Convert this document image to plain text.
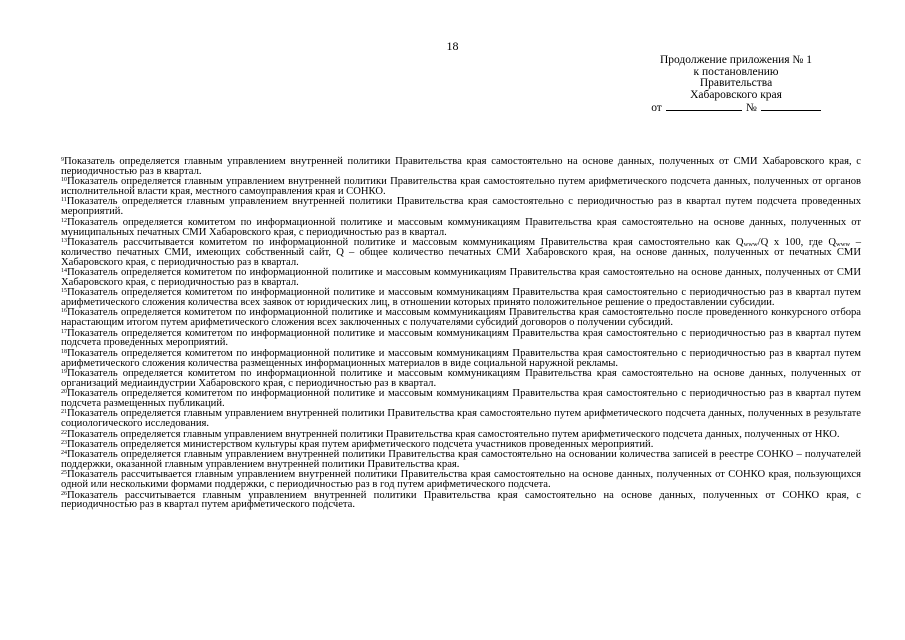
18
Продолжение приложения № 1
к постановлению
Правительства
Хабаровского края
от	№

$^9$Показатель определяется главным управлением внутренней политики Правительства края самостоятельно на основе данных, полученных от СМИ Хабаровского края, с периодичностью раз в квартал.

$^{10}$Показатель определяется главным управлением внутренней политики Правительства края самостоятельно путем арифметического подсчета данных, полученных от органов исполнительной власти края, местного самоуправления края и СОНКО.

$^{11}$Показатель определяется главным управлением внутренней политики Правительства края самостоятельно с периодичностью раз в квартал путем подсчета проведенных мероприятий.

$^{12}$Показатель определяется комитетом по информационной политике и массовым коммуникациям Правительства края самостоятельно на основе данных, полученных от муниципальных печатных СМИ Хабаровского края, с периодичностью раз в квартал.

$^{13}$Показатель рассчитывается комитетом по информационной политике и массовым коммуникациям Правительства края самостоятельно как Qwww/Q х 100, где Qwww – количество печатных СМИ, имеющих собственный сайт, Q – общее количество печатных СМИ Хабаровского края, на основе данных, полученных от печатных СМИ Хабаровского края, с периодичностью раз в квартал.

$^{14}$Показатель определяется комитетом по информационной политике и массовым коммуникациям Правительства края самостоятельно на основе данных, полученных от СМИ Хабаровского края, с периодичностью раз в квартал.

$^{15}$Показатель определяется комитетом по информационной политике и массовым коммуникациям Правительства края самостоятельно с периодичностью раз в квартал путем арифметического сложения количества всех заявок от юридических лиц, в отношении которых принято положительное решение о предоставлении субсидии.

$^{16}$Показатель определяется комитетом по информационной политике и массовым коммуникациям Правительства края самостоятельно после проведенного конкурсного отбора нарастающим итогом путем арифметического сложения всех заключенных с получателями субсидий договоров о получении субсидий.

$^{17}$Показатель определяется комитетом по информационной политике и массовым коммуникациям Правительства края самостоятельно с периодичностью раз в квартал путем подсчета проведенных мероприятий.

$^{18}$Показатель определяется комитетом по информационной политике и массовым коммуникациям Правительства края самостоятельно с периодичностью раз в квартал путем арифметического сложения количества размещенных информационных материалов в виде социальной наружной рекламы.

$^{19}$Показатель определяется комитетом по информационной политике и массовым коммуникациям Правительства края самостоятельно на основе данных, полученных от организаций медиаиндустрии Хабаровского края, с периодичностью раз в квартал.

$^{20}$Показатель определяется комитетом по информационной политике и массовым коммуникациям Правительства края самостоятельно с периодичностью раз в квартал путем подсчета размещенных публикаций.

$^{21}$Показатель определяется главным управлением внутренней политики Правительства края самостоятельно путем арифметического подсчета данных, полученных в результате социологического исследования.

$^{22}$Показатель определяется главным управлением внутренней политики Правительства края самостоятельно путем арифметического подсчета данных, полученных от НКО.

$^{23}$Показатель определяется министерством культуры края путем арифметического подсчета участников проведенных мероприятий.

$^{24}$Показатель определяется главным управлением внутренней политики Правительства края самостоятельно на основании количества записей в реестре СОНКО – получателей поддержки, оказанной главным управлением внутренней политики Правительства края.

$^{25}$Показатель рассчитывается главным управлением внутренней политики Правительства края самостоятельно на основе данных, полученных от СОНКО края, пользующихся одной или несколькими формами поддержки, с периодичностью раз в год путем арифметического подсчета.

$^{26}$Показатель рассчитывается главным управлением внутренней политики Правительства края самостоятельно на основе данных, полученных от СОНКО края, с периодичностью раз в квартал путем арифметического подсчета.
